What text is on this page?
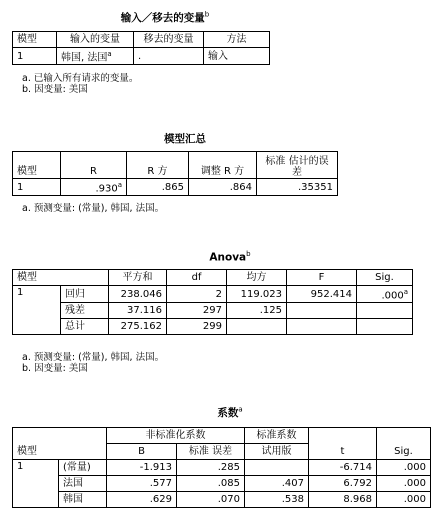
输入／移去的变量$^b$
模型	输入的变量	移去的变量	方法
1	韩国, 法国$^a$	.	输入
a. 已输入所有请求的变量。
b. 因变量: 美国
模型汇总
模型	R	R 方	调整 R 方	标准 估计的误差
1	.930$^a$	.865	.864	.35351
a. 预测变量: (常量), 韩国, 法国。
Anova$^b$
模型		平方和	df	均方	F	Sig.
1	回归	238.046	2	119.023	952.414	.000$^a$
	残差	37.116	297	.125		
	总计	275.162	299			
a. 预测变量: (常量), 韩国, 法国。
b. 因变量: 美国
系数$^a$
		非标准化系数		标准系数		
模型		B	标准 误差	试用版	t	Sig.
1	(常量)	-1.913	.285		-6.714	.000
	法国	.577	.085	.407	6.792	.000
	韩国	.629	.070	.538	8.968	.000
